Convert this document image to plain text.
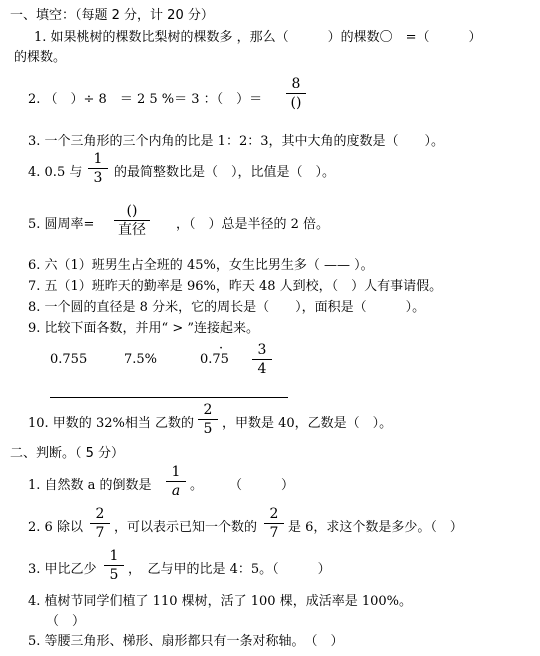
一、填空：（每题 2 分，计 20 分）
1. 如果桃树的棵数比梨树的棵数多 ，那么（　　　）的棵数〇　=（　　　）
的棵数。
2. （　）÷ 8　＝ 2 5 %＝ 3 ：（　）＝
8
()
3. 一个三角形的三个内角的比是 1：2：3，其中大角的度数是（　　）。
4. 0.5 与
1
3 的最简整数比是（　），比值是（　）。
5. 圆周率=
()
直径	，（　）总是半径的 2 倍。
6. 六（1）班男生占全班的 45%，女生比男生多（ —— ）。
7. 五（1）班昨天的勤率是 96%，昨天 48 人到校，（　）人有事请假。
8. 一个圆的直径是 8 分米，它的周长是（　　），面积是（　　　）。
9. 比较下面各数，并用“ > ”连接起来。
0.755	7.5%	0.75
·	3
4
10. 甲数的 32%相当 乙数的
2
5 ，甲数是 40，乙数是（　）。
二、判断。（ 5 分）
1. 自然数 a 的倒数是
1
a 。　　　（　　　）
2. 6 除以
2
7 ，可以表示已知一个数的
2
7 是 6，求这个数是多少。（　）
3. 甲比乙少
1
5 ，　乙与甲的比是 4：5。（　　　）
4. 植树节同学们植了 110 棵树，活了 100 棵，成活率是 100%。
（　）
5. 等腰三角形、梯形、扇形都只有一条对称轴。　（　）
